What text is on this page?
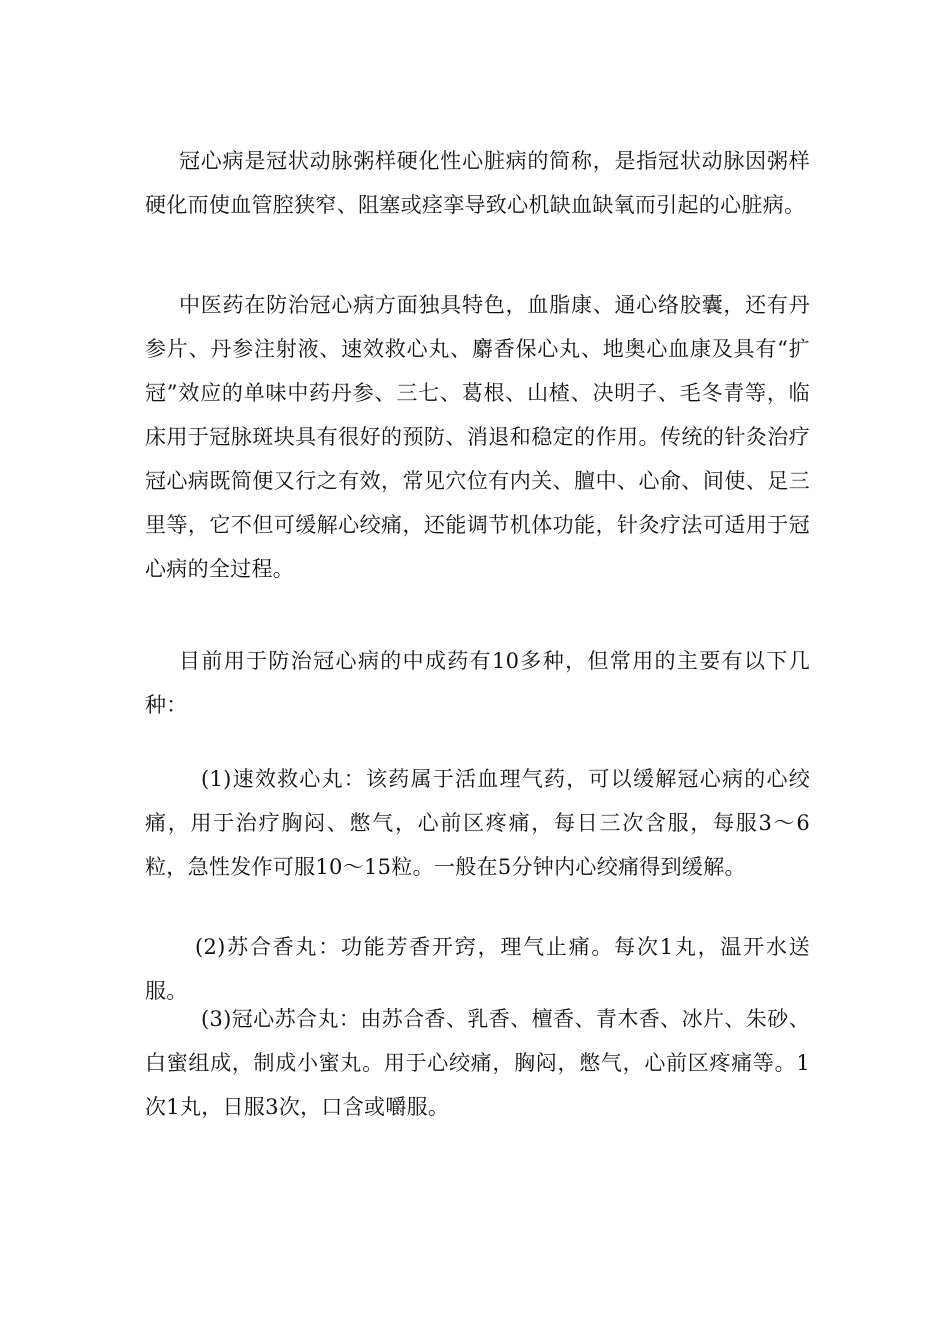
冠心病是冠状动脉粥样硬化性心脏病的简称，是指冠状动脉因粥样硬化而使血管腔狭窄、阻塞或痉挛导致心机缺血缺氧而引起的心脏病。

中医药在防治冠心病方面独具特色，血脂康、通心络胶囊，还有丹参片、丹参注射液、速效救心丸、麝香保心丸、地奥心血康及具有“扩冠”效应的单味中药丹参、三七、葛根、山楂、决明子、毛冬青等，临床用于冠脉斑块具有很好的预防、消退和稳定的作用。传统的针灸治疗冠心病既简便又行之有效，常见穴位有内关、膻中、心俞、间使、足三里等，它不但可缓解心绞痛，还能调节机体功能，针灸疗法可适用于冠心病的全过程。

目前用于防治冠心病的中成药有10多种，但常用的主要有以下几种：

(1)速效救心丸：该药属于活血理气药，可以缓解冠心病的心绞痛，用于治疗胸闷、憋气，心前区疼痛，每日三次含服，每服3～6粒，急性发作可服10～15粒。一般在5分钟内心绞痛得到缓解。

(2)苏合香丸：功能芳香开窍，理气止痛。每次1丸，温开水送服。

(3)冠心苏合丸：由苏合香、乳香、檀香、青木香、冰片、朱砂、白蜜组成，制成小蜜丸。用于心绞痛，胸闷，憋气，心前区疼痛等。1次1丸，日服3次，口含或嚼服。
